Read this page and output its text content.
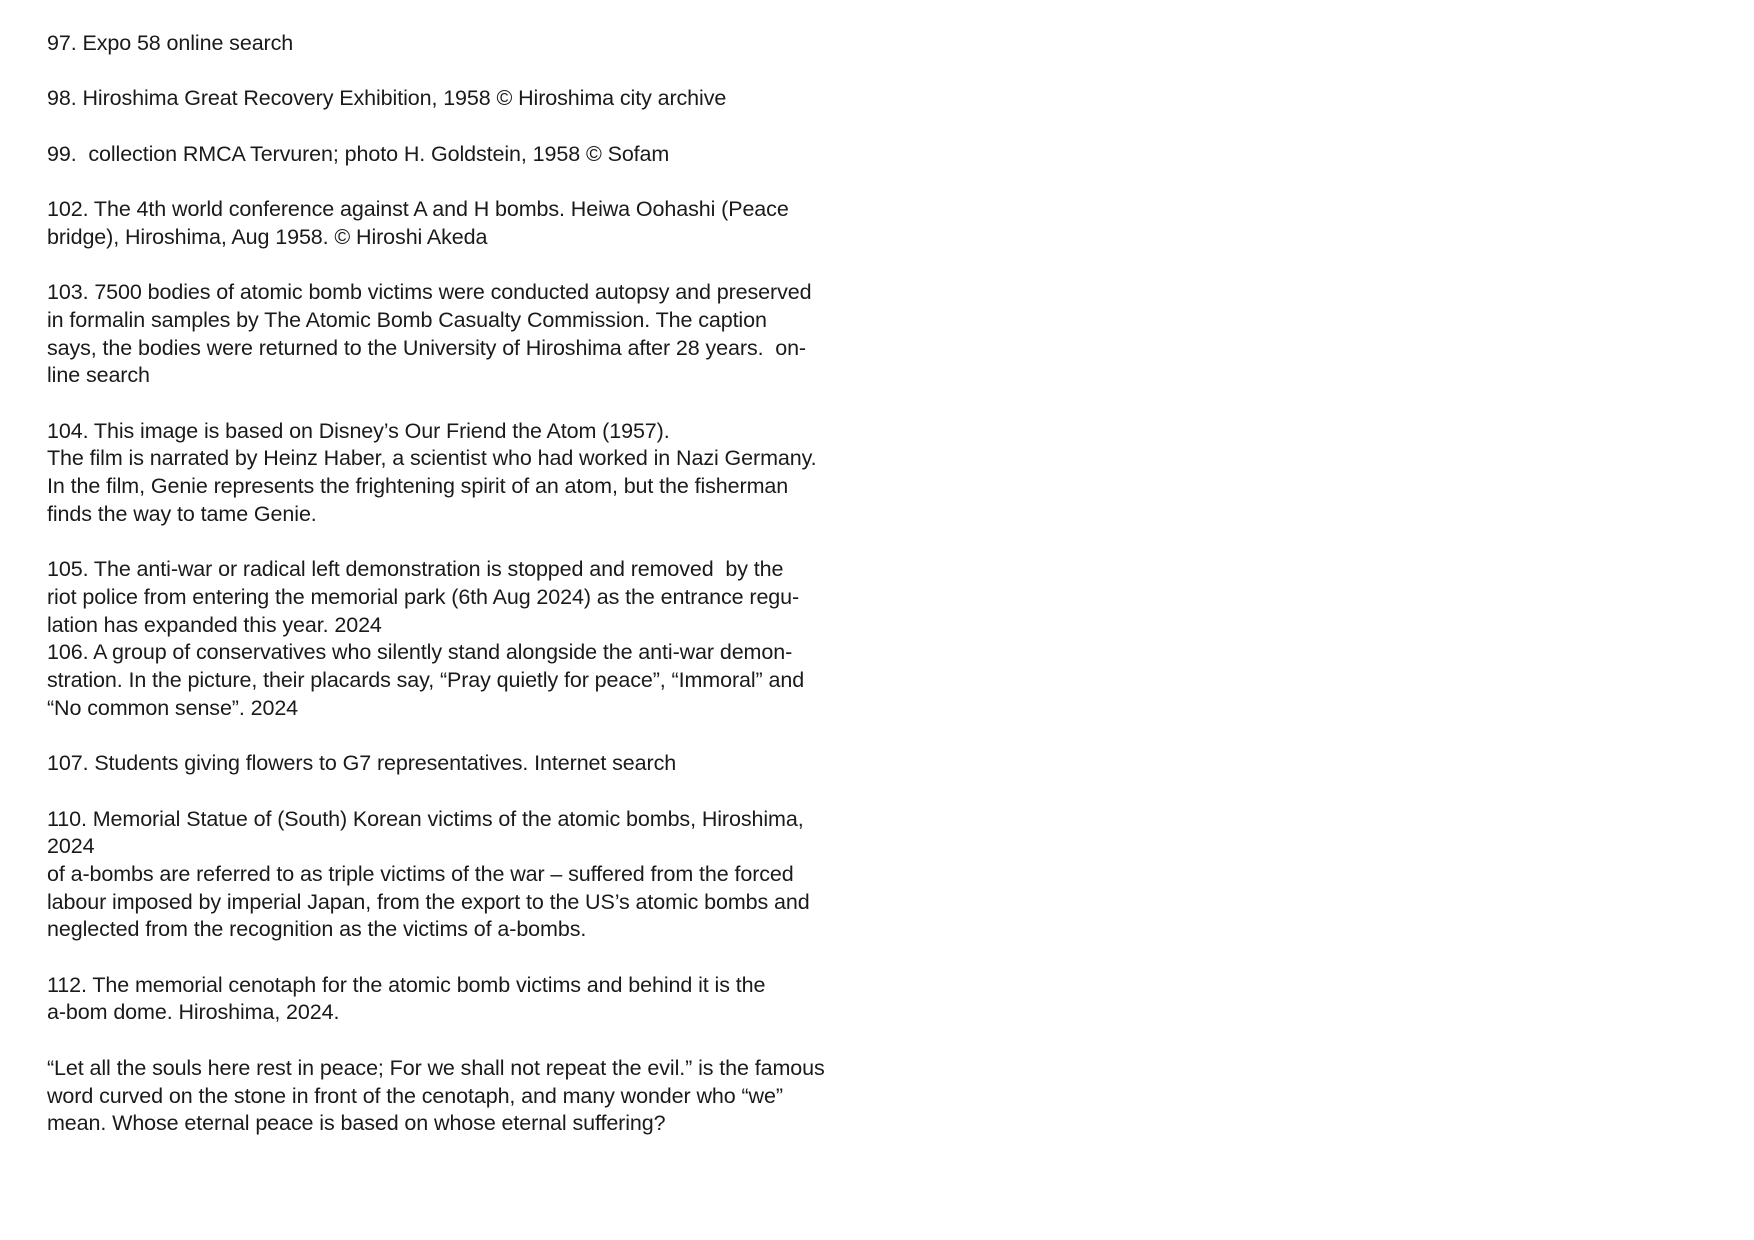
97. Expo 58 online search
98. Hiroshima Great Recovery Exhibition, 1958 © Hiroshima city archive
99.  collection RMCA Tervuren; photo H. Goldstein, 1958 © Sofam
102. The 4th world conference against A and H bombs. Heiwa Oohashi (Peace
bridge), Hiroshima, Aug 1958. © Hiroshi Akeda
103. 7500 bodies of atomic bomb victims were conducted autopsy and preserved
in formalin samples by The Atomic Bomb Casualty Commission. The caption
says, the bodies were returned to the University of Hiroshima after 28 years.  on-
line search
104. This image is based on Disney’s Our Friend the Atom (1957).
The film is narrated by Heinz Haber, a scientist who had worked in Nazi Germany.
In the film, Genie represents the frightening spirit of an atom, but the fisherman
finds the way to tame Genie.
105. The anti-war or radical left demonstration is stopped and removed  by the
riot police from entering the memorial park (6th Aug 2024) as the entrance regu-
lation has expanded this year. 2024
106. A group of conservatives who silently stand alongside the anti-war demon-
stration. In the picture, their placards say, “Pray quietly for peace”, “Immoral” and
“No common sense”. 2024
107. Students giving flowers to G7 representatives. Internet search
110. Memorial Statue of (South) Korean victims of the atomic bombs, Hiroshima,
2024
of a-bombs are referred to as triple victims of the war – suffered from the forced
labour imposed by imperial Japan, from the export to the US’s atomic bombs and
neglected from the recognition as the victims of a-bombs.
112. The memorial cenotaph for the atomic bomb victims and behind it is the
a-bom dome. Hiroshima, 2024.
“Let all the souls here rest in peace; For we shall not repeat the evil.” is the famous
word curved on the stone in front of the cenotaph, and many wonder who “we”
mean. Whose eternal peace is based on whose eternal suffering?
